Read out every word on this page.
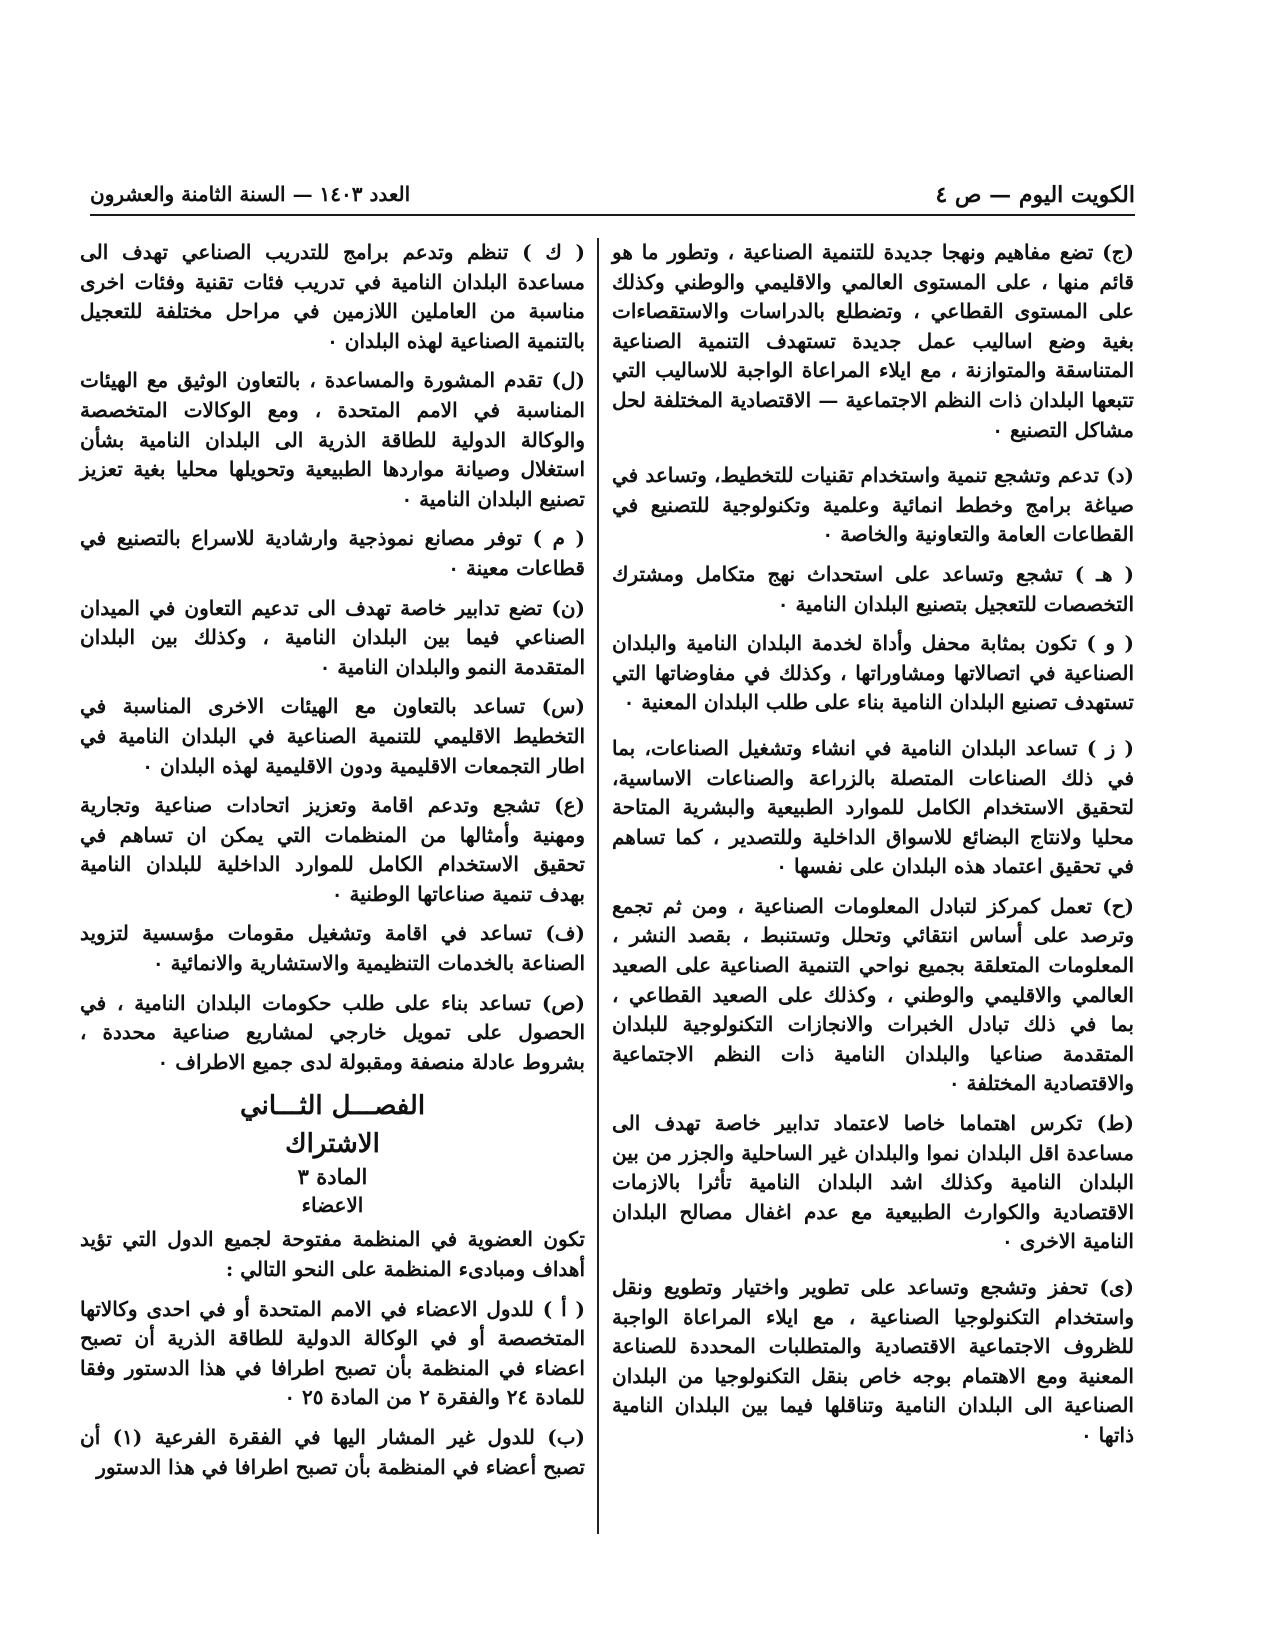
الكويت اليوم — ص ٤
العدد ١٤٠٣ — السنة الثامنة والعشرون

(ج) تضع مفاهيم ونهجا جديدة للتنمية الصناعية ، وتطور ما هو قائم منها ، على المستوى العالمي والاقليمي والوطني وكذلك على المستوى القطاعي ، وتضطلع بالدراسات والاستقصاءات بغية وضع اساليب عمل جديدة تستهدف التنمية الصناعية المتناسقة والمتوازنة ، مع ايلاء المراعاة الواجبة للاساليب التي تتبعها البلدان ذات النظم الاجتماعية — الاقتصادية المختلفة لحل مشاكل التصنيع ٠

(د) تدعم وتشجع تنمية واستخدام تقنيات للتخطيط، وتساعد في صياغة برامج وخطط انمائية وعلمية وتكنولوجية للتصنيع في القطاعات العامة والتعاونية والخاصة ٠

( هـ ) تشجع وتساعد على استحداث نهج متكامل ومشترك التخصصات للتعجيل بتصنيع البلدان النامية ٠

( و ) تكون بمثابة محفل وأداة لخدمة البلدان النامية والبلدان الصناعية في اتصالاتها ومشاوراتها ، وكذلك في مفاوضاتها التي تستهدف تصنيع البلدان النامية بناء على طلب البلدان المعنية ٠

( ز ) تساعد البلدان النامية في انشاء وتشغيل الصناعات، بما في ذلك الصناعات المتصلة بالزراعة والصناعات الاساسية، لتحقيق الاستخدام الكامل للموارد الطبيعية والبشرية المتاحة محليا ولانتاج البضائع للاسواق الداخلية وللتصدير ، كما تساهم في تحقيق اعتماد هذه البلدان على نفسها ٠

(ح) تعمل كمركز لتبادل المعلومات الصناعية ، ومن ثم تجمع وترصد على أساس انتقائي وتحلل وتستنبط ، بقصد النشر ، المعلومات المتعلقة بجميع نواحي التنمية الصناعية على الصعيد العالمي والاقليمي والوطني ، وكذلك على الصعيد القطاعي ، بما في ذلك تبادل الخبرات والانجازات التكنولوجية للبلدان المتقدمة صناعيا والبلدان النامية ذات النظم الاجتماعية والاقتصادية المختلفة ٠

(ط) تكرس اهتماما خاصا لاعتماد تدابير خاصة تهدف الى مساعدة اقل البلدان نموا والبلدان غير الساحلية والجزر من بين البلدان النامية وكذلك اشد البلدان النامية تأثرا بالازمات الاقتصادية والكوارث الطبيعية مع عدم اغفال مصالح البلدان النامية الاخرى ٠

(ى) تحفز وتشجع وتساعد على تطوير واختيار وتطويع ونقل واستخدام التكنولوجيا الصناعية ، مع ايلاء المراعاة الواجبة للظروف الاجتماعية الاقتصادية والمتطلبات المحددة للصناعة المعنية ومع الاهتمام بوجه خاص بنقل التكنولوجيا من البلدان الصناعية الى البلدان النامية وتناقلها فيما بين البلدان النامية ذاتها ٠

( ك ) تنظم وتدعم برامج للتدريب الصناعي تهدف الى مساعدة البلدان النامية في تدريب فئات تقنية وفئات اخرى مناسبة من العاملين اللازمين في مراحل مختلفة للتعجيل بالتنمية الصناعية لهذه البلدان ٠

(ل) تقدم المشورة والمساعدة ، بالتعاون الوثيق مع الهيئات المناسبة في الامم المتحدة ، ومع الوكالات المتخصصة والوكالة الدولية للطاقة الذرية الى البلدان النامية بشأن استغلال وصيانة مواردها الطبيعية وتحويلها محليا بغية تعزيز تصنيع البلدان النامية ٠

( م ) توفر مصانع نموذجية وارشادية للاسراع بالتصنيع في قطاعات معينة ٠

(ن) تضع تدابير خاصة تهدف الى تدعيم التعاون في الميدان الصناعي فيما بين البلدان النامية ، وكذلك بين البلدان المتقدمة النمو والبلدان النامية ٠

(س) تساعد بالتعاون مع الهيئات الاخرى المناسبة في التخطيط الاقليمي للتنمية الصناعية في البلدان النامية في اطار التجمعات الاقليمية ودون الاقليمية لهذه البلدان ٠

(ع) تشجع وتدعم اقامة وتعزيز اتحادات صناعية وتجارية ومهنية وأمثالها من المنظمات التي يمكن ان تساهم في تحقيق الاستخدام الكامل للموارد الداخلية للبلدان النامية بهدف تنمية صناعاتها الوطنية ٠

(ف) تساعد في اقامة وتشغيل مقومات مؤسسية لتزويد الصناعة بالخدمات التنظيمية والاستشارية والانمائية ٠

(ص) تساعد بناء على طلب حكومات البلدان النامية ، في الحصول على تمويل خارجي لمشاريع صناعية محددة ، بشروط عادلة منصفة ومقبولة لدى جميع الاطراف ٠

الفصـــل الثـــاني

الاشتراك

المادة ٣

الاعضاء

تكون العضوية في المنظمة مفتوحة لجميع الدول التي تؤيد أهداف ومبادىء المنظمة على النحو التالي :

( أ ) للدول الاعضاء في الامم المتحدة أو في احدى وكالاتها المتخصصة أو في الوكالة الدولية للطاقة الذرية أن تصبح اعضاء في المنظمة بأن تصبح اطرافا في هذا الدستور وفقا للمادة ٢٤ والفقرة ٢ من المادة ٢٥ ٠

(ب) للدول غير المشار اليها في الفقرة الفرعية (١) أن تصبح أعضاء في المنظمة بأن تصبح اطرافا في هذا الدستور
